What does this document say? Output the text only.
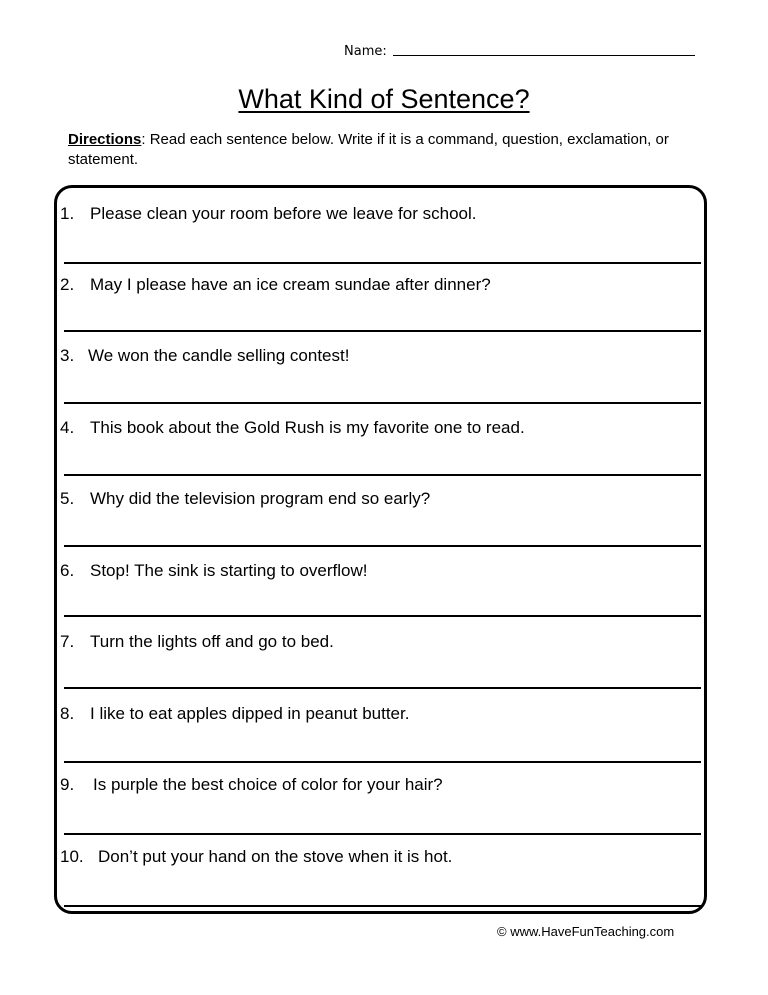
Name:
What Kind of Sentence?
Directions: Read each sentence below. Write if it is a command, question, exclamation, or statement.
1. Please clean your room before we leave for school.
2. May I please have an ice cream sundae after dinner?
3. We won the candle selling contest!
4. This book about the Gold Rush is my favorite one to read.
5. Why did the television program end so early?
6. Stop! The sink is starting to overflow!
7. Turn the lights off and go to bed.
8. I like to eat apples dipped in peanut butter.
9. Is purple the best choice of color for your hair?
10. Don’t put your hand on the stove when it is hot.
© www.HaveFunTeaching.com
